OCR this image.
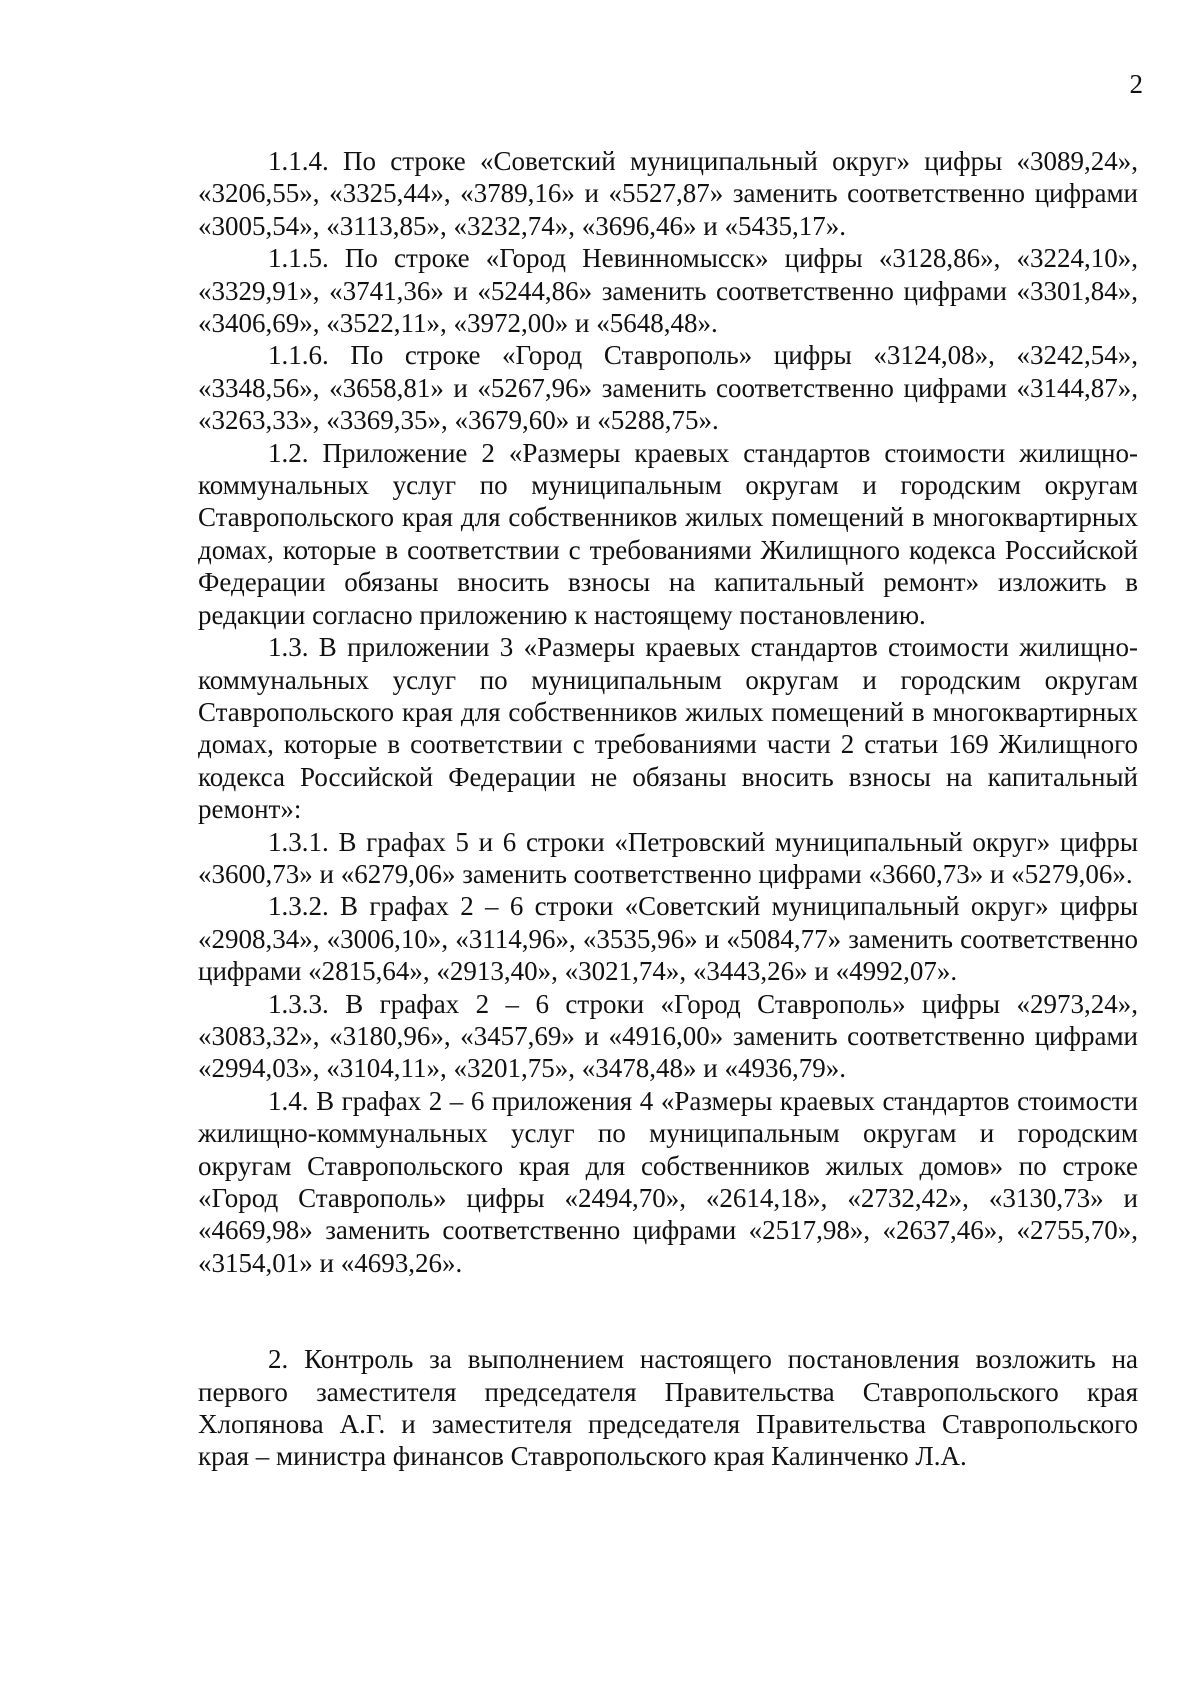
2

1.1.4. По строке «Советский муниципальный округ» цифры «3089,24», «3206,55», «3325,44», «3789,16» и «5527,87» заменить соответственно цифрами «3005,54», «3113,85», «3232,74», «3696,46» и «5435,17».

1.1.5. По строке «Город Невинномысск» цифры «3128,86», «3224,10», «3329,91», «3741,36» и «5244,86» заменить соответственно цифрами «3301,84», «3406,69», «3522,11», «3972,00» и «5648,48».

1.1.6. По строке «Город Ставрополь» цифры «3124,08», «3242,54», «3348,56», «3658,81» и «5267,96» заменить соответственно цифрами «3144,87», «3263,33», «3369,35», «3679,60» и «5288,75».

1.2. Приложение 2 «Размеры краевых стандартов стоимости жилищно-коммунальных услуг по муниципальным округам и городским округам Ставропольского края для собственников жилых помещений в многоквартирных домах, которые в соответствии с требованиями Жилищного кодекса Российской Федерации обязаны вносить взносы на капитальный ремонт» изложить в редакции согласно приложению к настоящему постановлению.

1.3. В приложении 3 «Размеры краевых стандартов стоимости жилищно-коммунальных услуг по муниципальным округам и городским округам Ставропольского края для собственников жилых помещений в многоквартирных домах, которые в соответствии с требованиями части 2 статьи 169 Жилищного кодекса Российской Федерации не обязаны вносить взносы на капитальный ремонт»:

1.3.1. В графах 5 и 6 строки «Петровский муниципальный округ» цифры «3600,73» и «6279,06» заменить соответственно цифрами «3660,73» и «5279,06».

1.3.2. В графах 2 – 6 строки «Советский муниципальный округ» цифры «2908,34», «3006,10», «3114,96», «3535,96» и «5084,77» заменить соответственно цифрами «2815,64», «2913,40», «3021,74», «3443,26» и «4992,07».

1.3.3. В графах 2 – 6 строки «Город Ставрополь» цифры «2973,24», «3083,32», «3180,96», «3457,69» и «4916,00» заменить соответственно цифрами «2994,03», «3104,11», «3201,75», «3478,48» и «4936,79».

1.4. В графах 2 – 6 приложения 4 «Размеры краевых стандартов стоимости жилищно-коммунальных услуг по муниципальным округам и городским округам Ставропольского края для собственников жилых домов» по строке «Город Ставрополь» цифры «2494,70», «2614,18», «2732,42», «3130,73» и «4669,98» заменить соответственно цифрами «2517,98», «2637,46», «2755,70», «3154,01» и «4693,26».

2. Контроль за выполнением настоящего постановления возложить на первого заместителя председателя Правительства Ставропольского края Хлопянова А.Г. и заместителя председателя Правительства Ставропольского края – министра финансов Ставропольского края Калинченко Л.А.
